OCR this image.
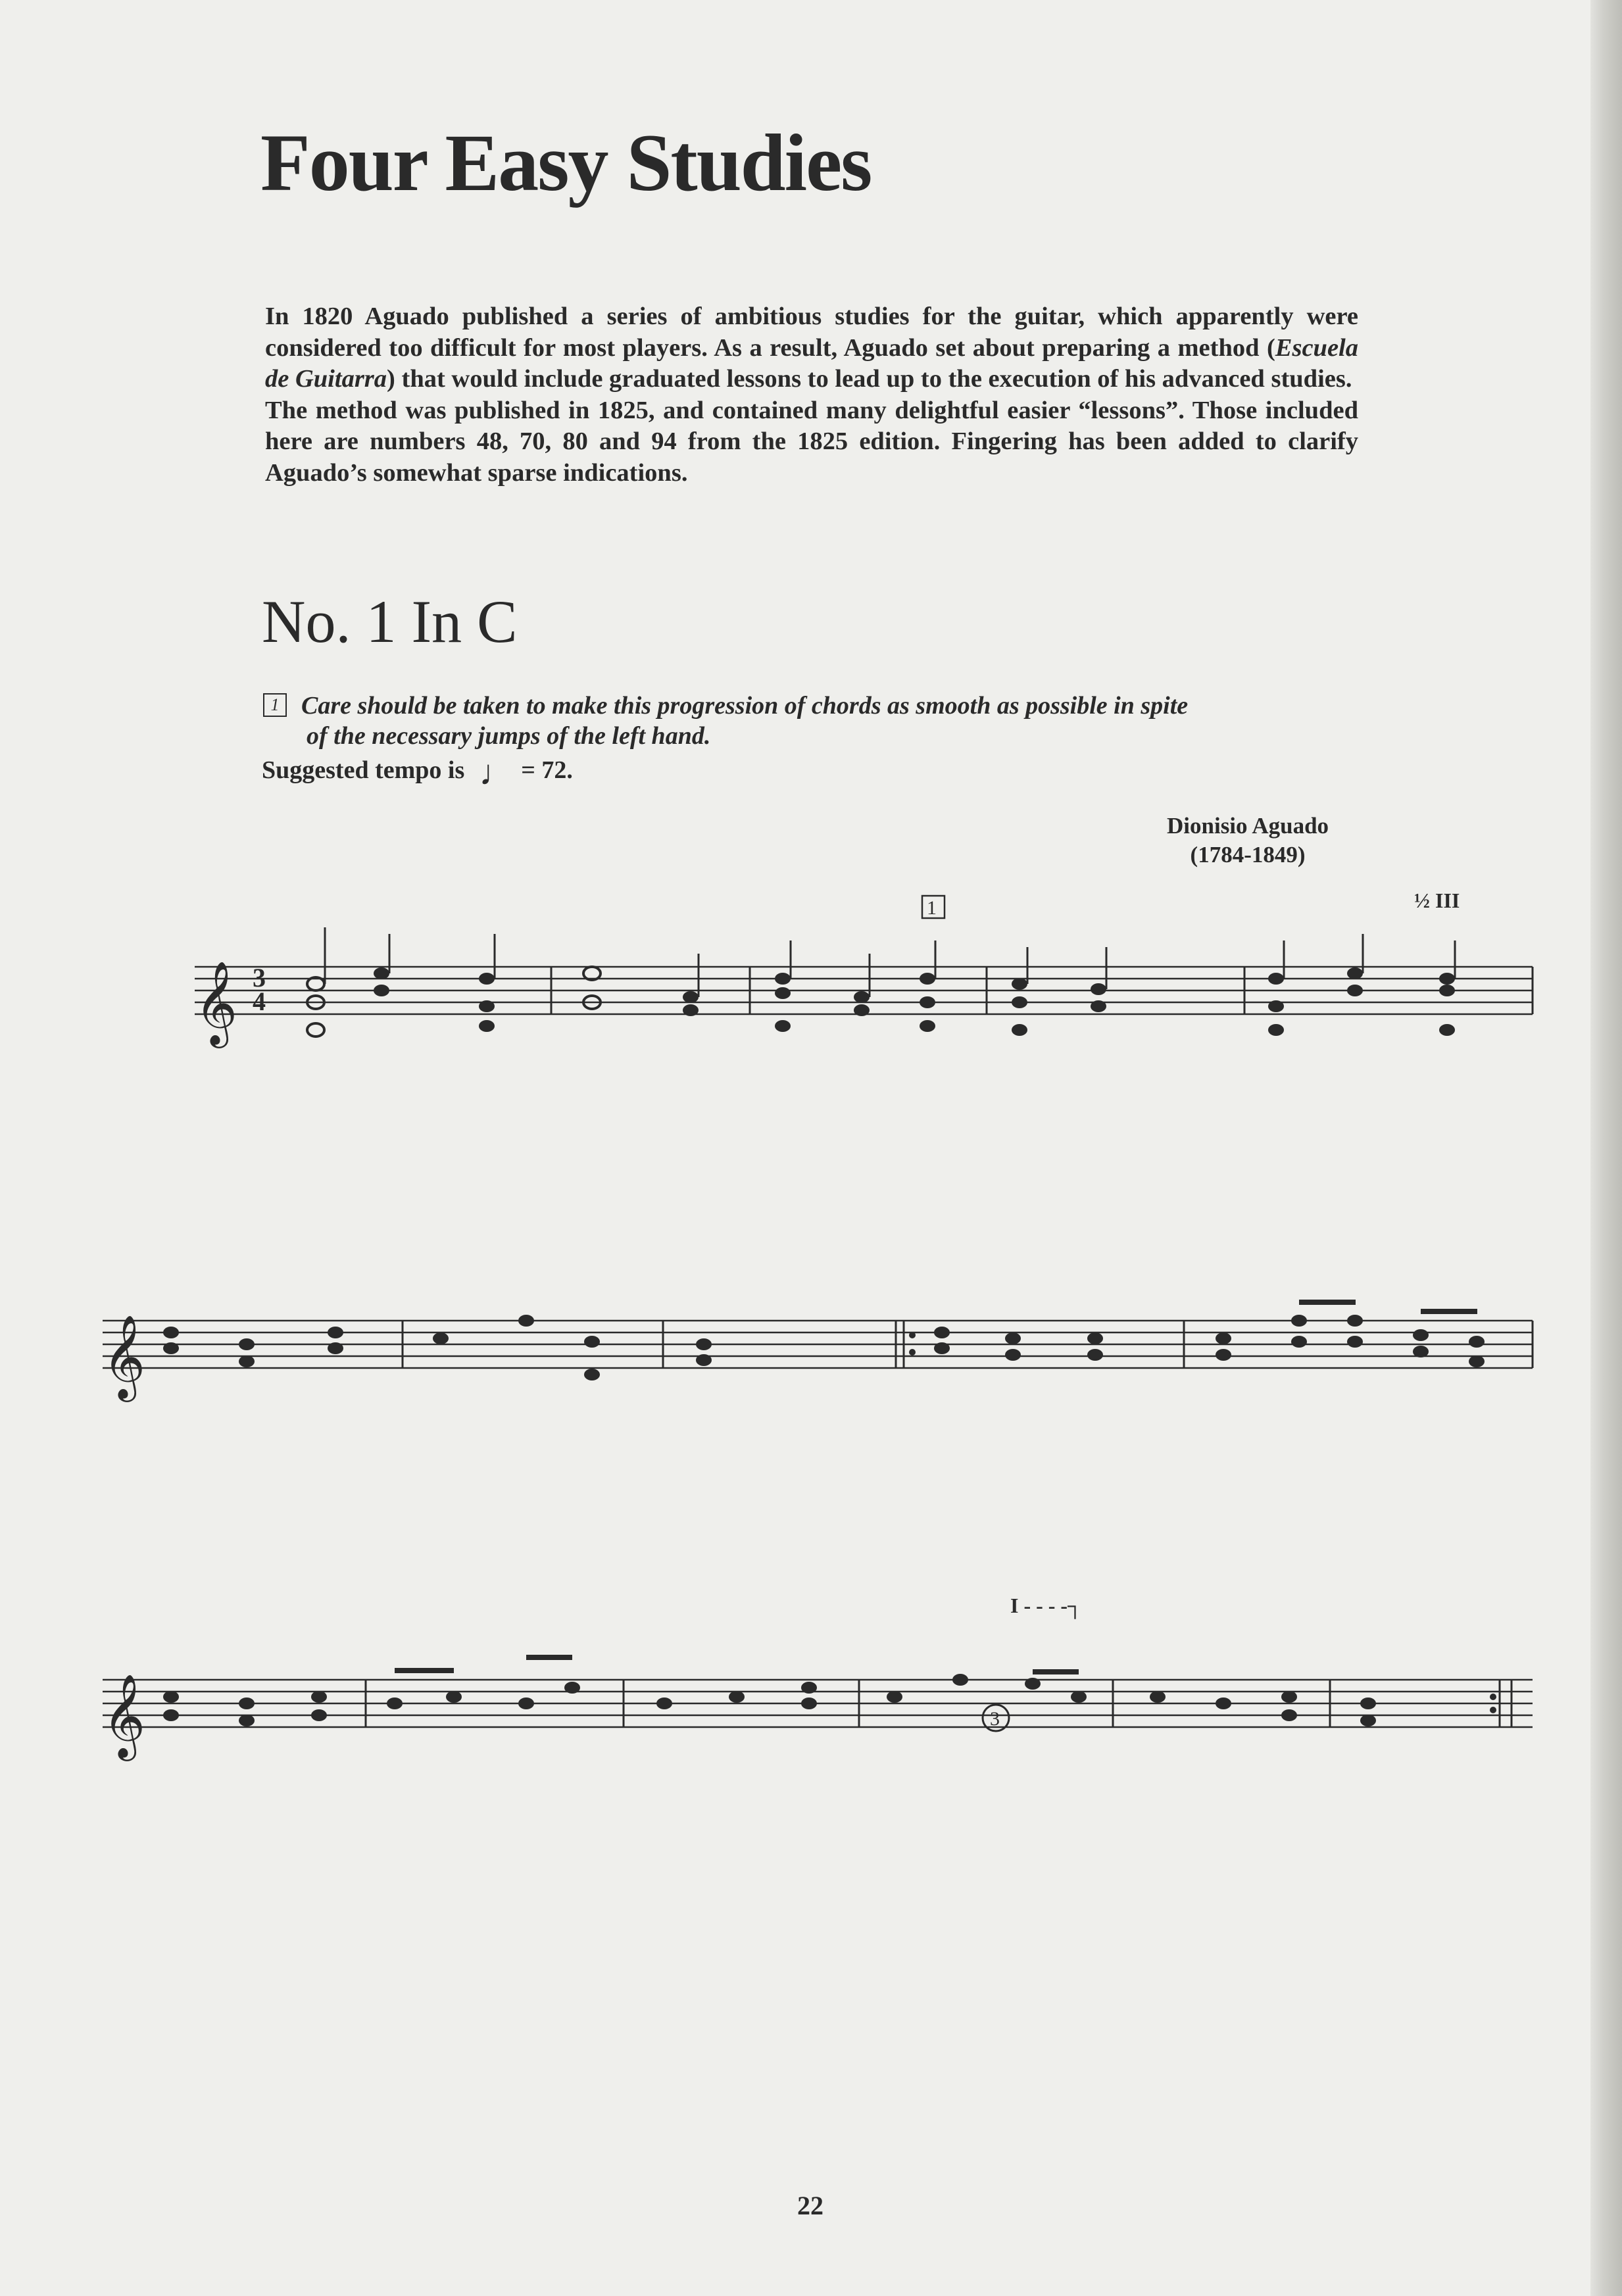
Four Easy Studies

In 1820 Aguado published a series of ambitious studies for the guitar, which apparently were considered too difficult for most players. As a result, Aguado set about preparing a method (Escuela de Guitarra) that would include graduated lessons to lead up to the execution of his advanced studies.

The method was published in 1825, and contained many delightful easier “lessons”. Those included here are numbers 48, 70, 80 and 94 from the 1825 edition. Fingering has been added to clarify Aguado’s somewhat sparse indications.

No. 1 In C
1 Care should be taken to make this progression of chords as smooth as possible in spite
of the necessary jumps of the left hand.
Suggested tempo is ♩ = 72.
Dionisio Aguado
(1784-1849)
𝄞 3
4
1	½ III
𝄞
𝄞
I - - - -┐
3
22
